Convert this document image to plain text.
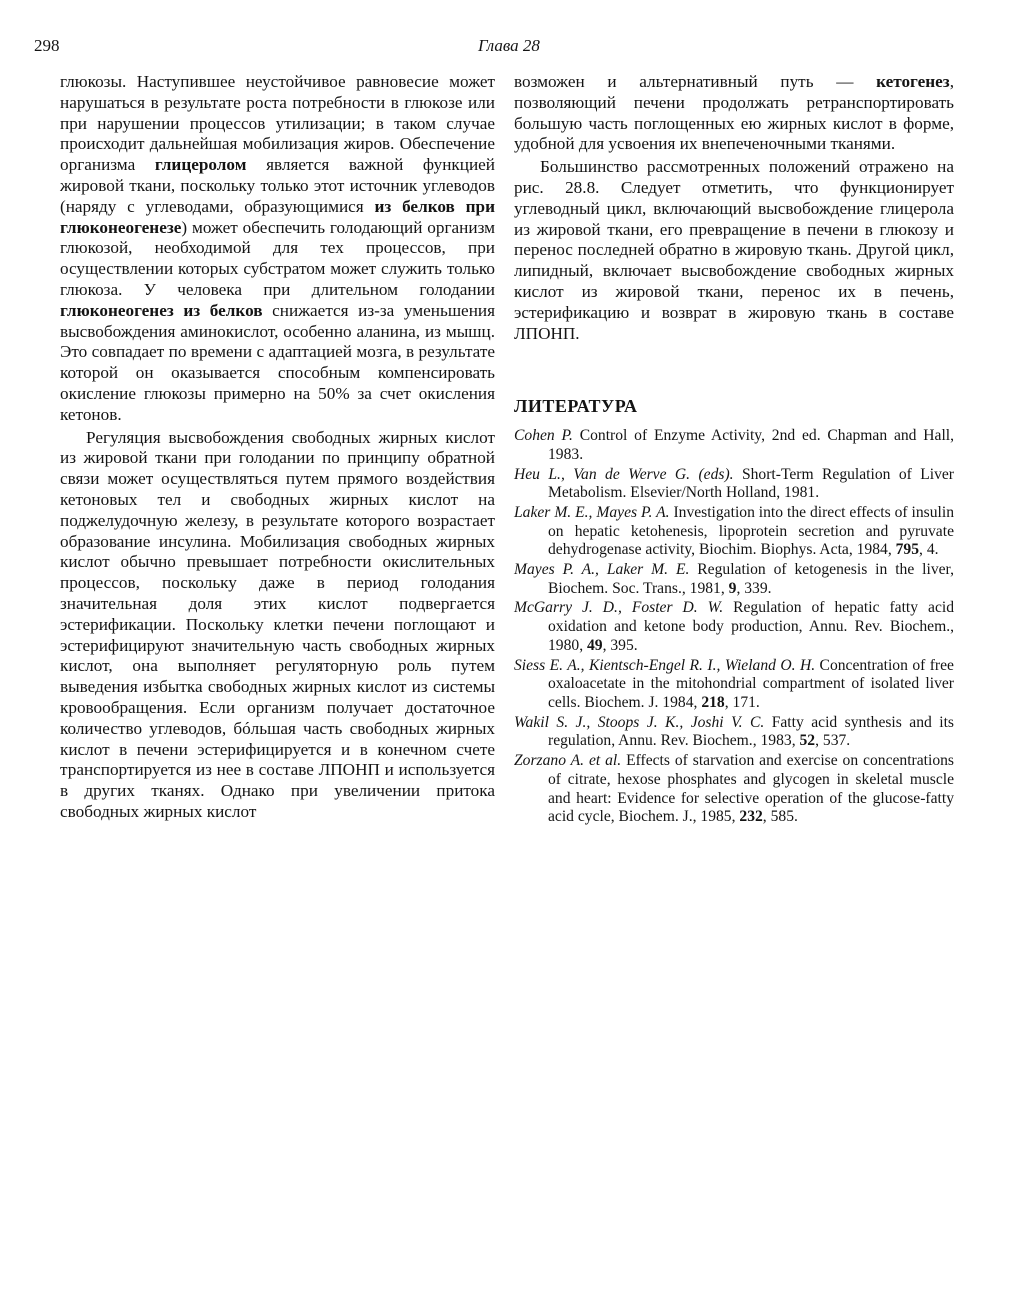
298	Глава 28

глюкозы. Наступившее неустойчивое равновесие может нарушаться в результате роста потребности в глюкозе или при нарушении процессов утилизации; в таком случае происходит дальнейшая мобилизация жиров. Обеспечение организма глицеролом является важной функцией жировой ткани, поскольку только этот источник углеводов (наряду с углеводами, образующимися из белков при глюконеогенезе) может обеспечить голодающий организм глюкозой, необходимой для тех процессов, при осуществлении которых субстратом может служить только глюкоза. У человека при длительном голодании глюконеогенез из белков снижается из-за уменьшения высвобождения аминокислот, особенно аланина, из мышц. Это совпадает по времени с адаптацией мозга, в результате которой он оказывается способным компенсировать окисление глюкозы примерно на 50% за счет окисления кетонов.

Регуляция высвобождения свободных жирных кислот из жировой ткани при голодании по принципу обратной связи может осуществляться путем прямого воздействия кетоновых тел и свободных жирных кислот на поджелудочную железу, в результате которого возрастает образование инсулина. Мобилизация свободных жирных кислот обычно превышает потребности окислительных процессов, поскольку даже в период голодания значительная доля этих кислот подвергается эстерификации. Поскольку клетки печени поглощают и эстерифицируют значительную часть свободных жирных кислот, она выполняет регуляторную роль путем выведения избытка свободных жирных кислот из системы кровообращения. Если организм получает достаточное количество углеводов, бóльшая часть свободных жирных кислот в печени эстерифицируется и в конечном счете транспортируется из нее в составе ЛПОНП и используется в других тканях. Однако при увеличении притока свободных жирных кислот

возможен и альтернативный путь — кетогенез, позволяющий печени продолжать ретранспортировать большую часть поглощенных ею жирных кислот в форме, удобной для усвоения их внепеченочными тканями.

Большинство рассмотренных положений отражено на рис. 28.8. Следует отметить, что функционирует углеводный цикл, включающий высвобождение глицерола из жировой ткани, его превращение в печени в глюкозу и перенос последней обратно в жировую ткань. Другой цикл, липидный, включает высвобождение свободных жирных кислот из жировой ткани, перенос их в печень, эстерификацию и возврат в жировую ткань в составе ЛПОНП.

ЛИТЕРАТУРА
Cohen P. Control of Enzyme Activity, 2nd ed. Chapman and Hall, 1983.
Heu L., Van de Werve G. (eds). Short-Term Regulation of Liver Metabolism. Elsevier/North Holland, 1981.
Laker M. E., Mayes P. A. Investigation into the direct effects of insulin on hepatic ketohenesis, lipoprotein secretion and pyruvate dehydrogenase activity, Biochim. Biophys. Acta, 1984, 795, 4.
Mayes P. A., Laker M. E. Regulation of ketogenesis in the liver, Biochem. Soc. Trans., 1981, 9, 339.
McGarry J. D., Foster D. W. Regulation of hepatic fatty acid oxidation and ketone body production, Annu. Rev. Biochem., 1980, 49, 395.
Siess E. A., Kientsch-Engel R. I., Wieland O. H. Concentration of free oxaloacetate in the mitohondrial compartment of isolated liver cells. Biochem. J. 1984, 218, 171.
Wakil S. J., Stoops J. K., Joshi V. C. Fatty acid synthesis and its regulation, Annu. Rev. Biochem., 1983, 52, 537.
Zorzano A. et al. Effects of starvation and exercise on concentrations of citrate, hexose phosphates and glycogen in skeletal muscle and heart: Evidence for selective operation of the glucose-fatty acid cycle, Biochem. J., 1985, 232, 585.
